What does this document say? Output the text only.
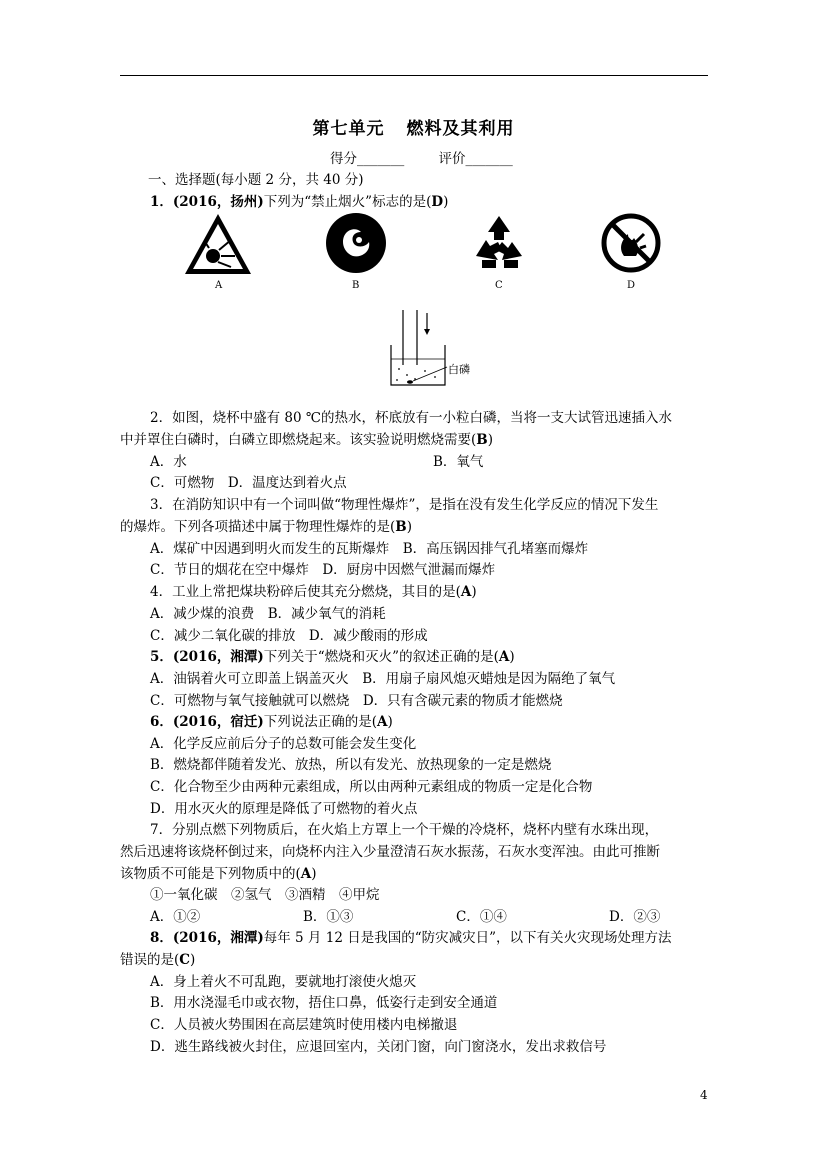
第七单元 燃料及其利用
得分_______	评价_______
一、选择题(每小题 2 分，共 40 分)
1．(2016，扬州)下列为“禁止烟火”标志的是(D)
A	B	C	D
白磷
2．如图，烧杯中盛有 80 ℃的热水，杯底放有一小粒白磷，当将一支大试管迅速插入水
中并罩住白磷时，白磷立即燃烧起来。该实验说明燃烧需要(B)
A．水	B．氧气
C．可燃物　D．温度达到着火点
3．在消防知识中有一个词叫做“物理性爆炸”，是指在没有发生化学反应的情况下发生
的爆炸。下列各项描述中属于物理性爆炸的是(B)
A．煤矿中因遇到明火而发生的瓦斯爆炸　B．高压锅因排气孔堵塞而爆炸
C．节日的烟花在空中爆炸　D．厨房中因燃气泄漏而爆炸
4．工业上常把煤块粉碎后使其充分燃烧，其目的是(A)
A．减少煤的浪费　B．减少氧气的消耗
C．减少二氧化碳的排放　D．减少酸雨的形成
5．(2016，湘潭)下列关于“燃烧和灭火”的叙述正确的是(A)
A．油锅着火可立即盖上锅盖灭火　B．用扇子扇风熄灭蜡烛是因为隔绝了氧气
C．可燃物与氧气接触就可以燃烧　D．只有含碳元素的物质才能燃烧
6．(2016，宿迁)下列说法正确的是(A)
A．化学反应前后分子的总数可能会发生变化
B．燃烧都伴随着发光、放热，所以有发光、放热现象的一定是燃烧
C．化合物至少由两种元素组成，所以由两种元素组成的物质一定是化合物
D．用水灭火的原理是降低了可燃物的着火点
7．分别点燃下列物质后，在火焰上方罩上一个干燥的冷烧杯，烧杯内壁有水珠出现，
然后迅速将该烧杯倒过来，向烧杯内注入少量澄清石灰水振荡，石灰水变浑浊。由此可推断
该物质不可能是下列物质中的(A)
①一氧化碳　②氢气　③酒精　④甲烷
A．①②	B．①③	C．①④	D．②③
8．(2016，湘潭)每年 5 月 12 日是我国的“防灾减灾日”，以下有关火灾现场处理方法
错误的是(C)
A．身上着火不可乱跑，要就地打滚使火熄灭
B．用水浇湿毛巾或衣物，捂住口鼻，低姿行走到安全通道
C．人员被火势围困在高层建筑时使用楼内电梯撤退
D．逃生路线被火封住，应退回室内，关闭门窗，向门窗浇水，发出求救信号
4
